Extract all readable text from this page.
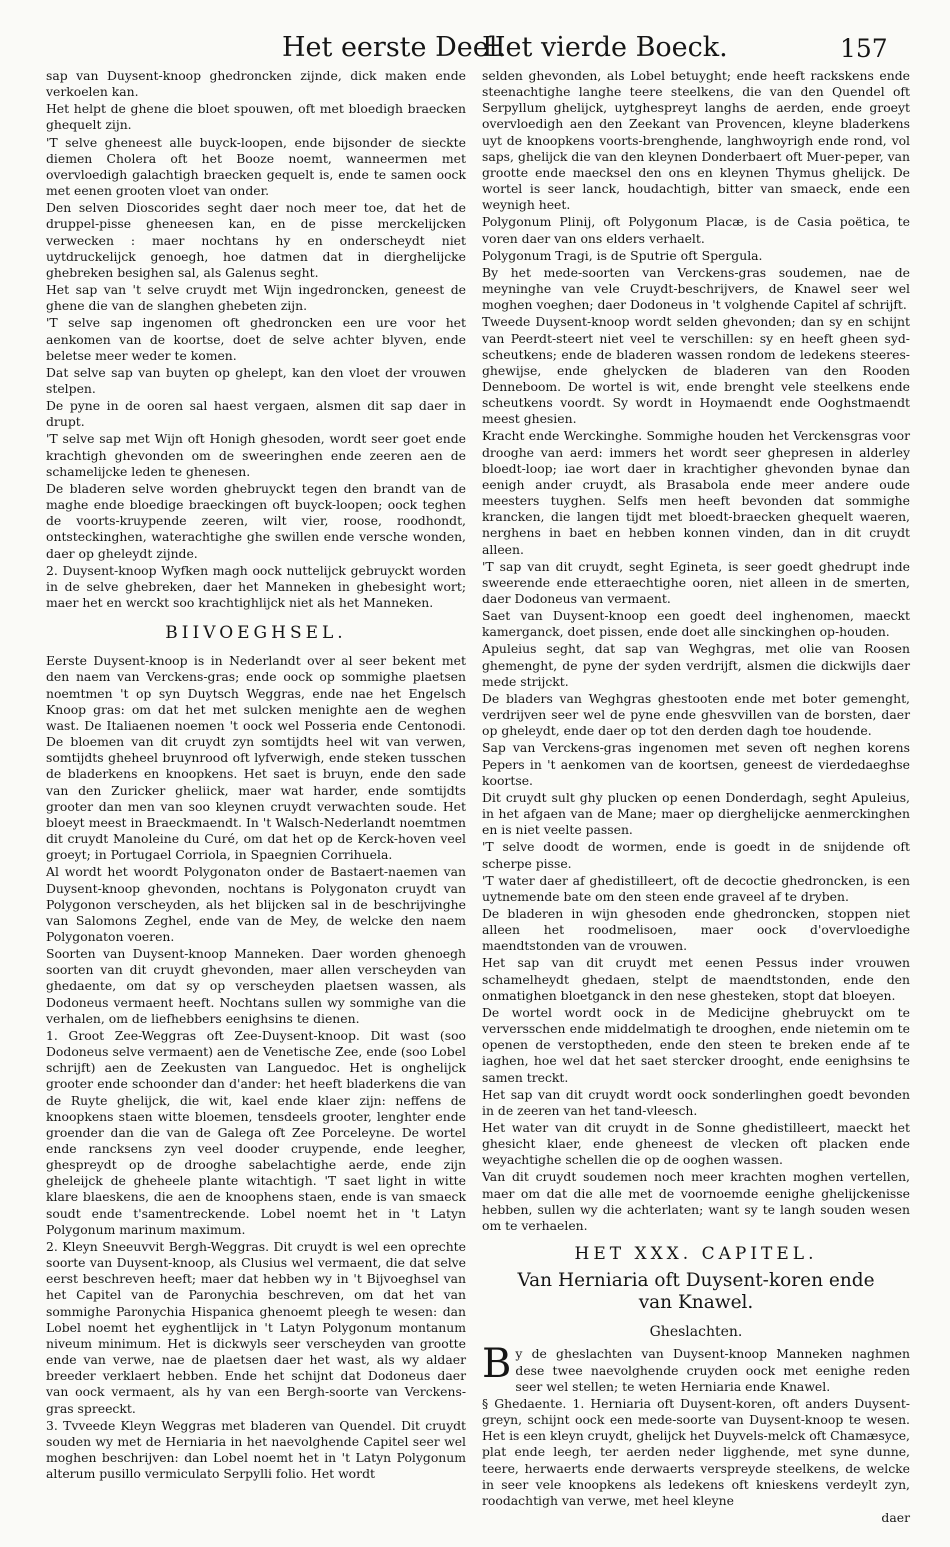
Het eerste Deel.
Het vierde Boeck.	157

sap van Duysent-knoop ghedroncken zijnde, dick maken ende verkoelen kan.

Het helpt de ghene die bloet spouwen, oft met bloedigh braecken ghequelt zijn.

'T selve gheneest alle buyck-loopen, ende bijsonder de sieckte diemen Cholera oft het Booze noemt, wanneermen met overvloedigh galachtigh braecken gequelt is, ende te samen oock met eenen grooten vloet van onder.

Den selven Dioscorides seght daer noch meer toe, dat het de druppel-pisse gheneesen kan, en de pisse merckelijcken verwecken : maer nochtans hy en onderscheydt niet uytdruckelijck genoegh, hoe datmen dat in dierghelijcke ghebreken besighen sal, als Galenus seght.

Het sap van 't selve cruydt met Wijn ingedroncken, geneest de ghene die van de slanghen ghebeten zijn.

'T selve sap ingenomen oft ghedroncken een ure voor het aenkomen van de koortse, doet de selve achter blyven, ende beletse meer weder te komen.

Dat selve sap van buyten op ghelept, kan den vloet der vrouwen stelpen.

De pyne in de ooren sal haest vergaen, alsmen dit sap daer in drupt.

'T selve sap met Wijn oft Honigh ghesoden, wordt seer goet ende krachtigh ghevonden om de sweeringhen ende zeeren aen de schamelijcke leden te ghenesen.

De bladeren selve worden ghebruyckt tegen den brandt van de maghe ende bloedige braeckingen oft buyck-loopen; oock teghen de voorts-kruypende zeeren, wilt vier, roose, roodhondt, ontsteckinghen, waterachtighe ghe swillen ende versche wonden, daer op gheleydt zijnde.

2. Duysent-knoop Wyfken magh oock nuttelijck gebruyckt worden in de selve ghebreken, daer het Manneken in ghebesight wort; maer het en werckt soo krachtighlijck niet als het Manneken.

BIIVOEGHSEL.

Eerste Duysent-knoop is in Nederlandt over al seer bekent met den naem van Verckens-gras; ende oock op sommighe plaetsen noemtmen 't op syn Duytsch Weggras, ende nae het Engelsch Knoop gras: om dat het met sulcken menighte aen de weghen wast. De Italiaenen noemen 't oock wel Posseria ende Centonodi. De bloemen van dit cruydt zyn somtijdts heel wit van verwen, somtijdts gheheel bruynrood oft lyfverwigh, ende steken tusschen de bladerkens en knoopkens. Het saet is bruyn, ende den sade van den Zuricker gheliick, maer wat harder, ende somtijdts grooter dan men van soo kleynen cruydt verwachten soude. Het bloeyt meest in Braeckmaendt. In 't Walsch-Nederlandt noemtmen dit cruydt Manoleine du Curé, om dat het op de Kerck-hoven veel groeyt; in Portugael Corriola, in Spaegnien Corrihuela.

Al wordt het woordt Polygonaton onder de Bastaert-naemen van Duysent-knoop ghevonden, nochtans is Polygonaton cruydt van Polygonon verscheyden, als het blijcken sal in de beschrijvinghe van Salomons Zeghel, ende van de Mey, de welcke den naem Polygonaton voeren.

Soorten van Duysent-knoop Manneken. Daer worden ghenoegh soorten van dit cruydt ghevonden, maer allen verscheyden van ghedaente, om dat sy op verscheyden plaetsen wassen, als Dodoneus vermaent heeft. Nochtans sullen wy sommighe van die verhalen, om de liefhebbers eenighsins te dienen.

1. Groot Zee-Weggras oft Zee-Duysent-knoop. Dit wast (soo Dodoneus selve vermaent) aen de Venetische Zee, ende (soo Lobel schrijft) aen de Zeekusten van Languedoc. Het is onghelijck grooter ende schoonder dan d'ander: het heeft bladerkens die van de Ruyte ghelijck, die wit, kael ende klaer zijn: neffens de knoopkens staen witte bloemen, tensdeels grooter, lenghter ende groender dan die van de Galega oft Zee Porceleyne. De wortel ende rancksens zyn veel dooder cruypende, ende leegher, ghespreydt op de drooghe sabelachtighe aerde, ende zijn gheleijck de gheheele plante witachtigh. 'T saet light in witte klare blaeskens, die aen de knoophens staen, ende is van smaeck soudt ende t'samentreckende. Lobel noemt het in 't Latyn Polygonum marinum maximum.

2. Kleyn Sneeuvvit Bergh-Weggras. Dit cruydt is wel een oprechte soorte van Duysent-knoop, als Clusius wel vermaent, die dat selve eerst beschreven heeft; maer dat hebben wy in 't Bijvoeghsel van het Capitel van de Paronychia beschreven, om dat het van sommighe Paronychia Hispanica ghenoemt pleegh te wesen: dan Lobel noemt het eyghentlijck in 't Latyn Polygonum montanum niveum minimum. Het is dickwyls seer verscheyden van grootte ende van verwe, nae de plaetsen daer het wast, als wy aldaer breeder verklaert hebben. Ende het schijnt dat Dodoneus daer van oock vermaent, als hy van een Bergh-soorte van Verckens-gras spreeckt.

3. Tvveede Kleyn Weggras met bladeren van Quendel. Dit cruydt souden wy met de Herniaria in het naevolghende Capitel seer wel moghen beschrijven: dan Lobel noemt het in 't Latyn Polygonum alterum pusillo vermiculato Serpylli folio. Het wordt

selden ghevonden, als Lobel betuyght; ende heeft rackskens ende steenachtighe langhe teere steelkens, die van den Quendel oft Serpyllum ghelijck, uytghespreyt langhs de aerden, ende groeyt overvloedigh aen den Zeekant van Provencen, kleyne bladerkens uyt de knoopkens voorts-brenghende, langhwoyrigh ende rond, vol saps, ghelijck die van den kleynen Donderbaert oft Muer-peper, van grootte ende maecksel den ons en kleynen Thymus ghelijck. De wortel is seer lanck, houdachtigh, bitter van smaeck, ende een weynigh heet.

Polygonum Plinij, oft Polygonum Placæ, is de Casia poëtica, te voren daer van ons elders verhaelt.

Polygonum Tragi, is de Sputrie oft Spergula.

By het mede-soorten van Verckens-gras soudemen, nae de meyninghe van vele Cruydt-beschrijvers, de Knawel seer wel moghen voeghen; daer Dodoneus in 't volghende Capitel af schrijft.

Tweede Duysent-knoop wordt selden ghevonden; dan sy en schijnt van Peerdt-steert niet veel te verschillen: sy en heeft gheen syd-scheutkens; ende de bladeren wassen rondom de ledekens steeres-ghewijse, ende ghelycken de bladeren van den Rooden Denneboom. De wortel is wit, ende brenght vele steelkens ende scheutkens voordt. Sy wordt in Hoymaendt ende Ooghstmaendt meest ghesien.

Kracht ende Werckinghe. Sommighe houden het Verckensgras voor drooghe van aerd: immers het wordt seer ghepresen in alderley bloedt-loop; iae wort daer in krachtigher ghevonden bynae dan eenigh ander cruydt, als Brasabola ende meer andere oude meesters tuyghen. Selfs men heeft bevonden dat sommighe krancken, die langen tijdt met bloedt-braecken ghequelt waeren, nerghens in baet en hebben konnen vinden, dan in dit cruydt alleen.

'T sap van dit cruydt, seght Egineta, is seer goedt ghedrupt inde sweerende ende etteraechtighe ooren, niet alleen in de smerten, daer Dodoneus van vermaent.

Saet van Duysent-knoop een goedt deel inghenomen, maeckt kamerganck, doet pissen, ende doet alle sinckinghen op-houden.

Apuleius seght, dat sap van Weghgras, met olie van Roosen ghemenght, de pyne der syden verdrijft, alsmen die dickwijls daer mede strijckt.

De bladers van Weghgras ghestooten ende met boter gemenght, verdrijven seer wel de pyne ende ghesvvillen van de borsten, daer op gheleydt, ende daer op tot den derden dagh toe houdende.

Sap van Verckens-gras ingenomen met seven oft neghen korens Pepers in 't aenkomen van de koortsen, geneest de vierdedaeghse koortse.

Dit cruydt sult ghy plucken op eenen Donderdagh, seght Apuleius, in het afgaen van de Mane; maer op dierghelijcke aenmerckinghen en is niet veelte passen.

'T selve doodt de wormen, ende is goedt in de snijdende oft scherpe pisse.

'T water daer af ghedistilleert, oft de decoctie ghedroncken, is een uytnemende bate om den steen ende graveel af te dryben.

De bladeren in wijn ghesoden ende ghedroncken, stoppen niet alleen het roodmelisoen, maer oock d'overvloedighe maendtstonden van de vrouwen.

Het sap van dit cruydt met eenen Pessus inder vrouwen schamelheydt ghedaen, stelpt de maendtstonden, ende den onmatighen bloetganck in den nese ghesteken, stopt dat bloeyen.

De wortel wordt oock in de Medicijne ghebruyckt om te verversschen ende middelmatigh te drooghen, ende nietemin om te openen de verstoptheden, ende den steen te breken ende af te iaghen, hoe wel dat het saet stercker drooght, ende eenighsins te samen treckt.

Het sap van dit cruydt wordt oock sonderlinghen goedt bevonden in de zeeren van het tand-vleesch.

Het water van dit cruydt in de Sonne ghedistilleert, maeckt het ghesicht klaer, ende gheneest de vlecken oft placken ende weyachtighe schellen die op de ooghen wassen.

Van dit cruydt soudemen noch meer krachten moghen vertellen, maer om dat die alle met de voornoemde eenighe ghelijckenisse hebben, sullen wy die achterlaten; want sy te langh souden wesen om te verhaelen.

HET XXX. CAPITEL.
Van Herniaria oft Duysent-koren ende
van Knawel.
Gheslachten.

By de gheslachten van Duysent-knoop Manneken naghmen dese twee naevolghende cruyden oock met eenighe reden seer wel stellen; te weten Herniaria ende Knawel.

§ Ghedaente. 1. Herniaria oft Duysent-koren, oft anders Duysent-greyn, schijnt oock een mede-soorte van Duysent-knoop te wesen. Het is een kleyn cruydt, ghelijck het Duyvels-melck oft Chamæsyce, plat ende leegh, ter aerden neder ligghende, met syne dunne, teere, herwaerts ende derwaerts verspreyde steelkens, de welcke in seer vele knoopkens als ledekens oft knieskens verdeylt zyn, roodachtigh van verwe, met heel kleyne

daer
